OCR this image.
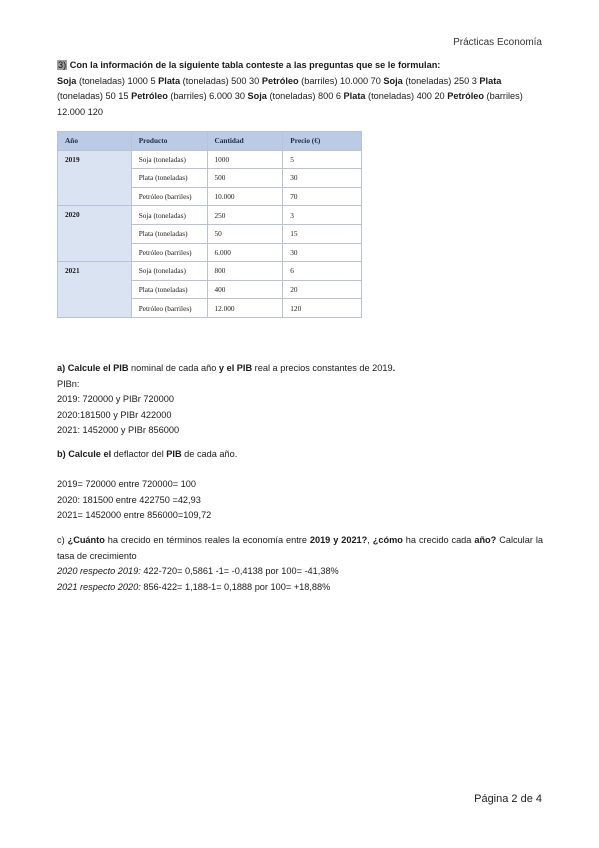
Prácticas Economía
3) Con la información de la siguiente tabla conteste a las preguntas que se le formulan:
Soja (toneladas) 1000 5 Plata (toneladas) 500 30 Petróleo (barriles) 10.000 70 Soja (toneladas) 250 3 Plata (toneladas) 50 15 Petróleo (barriles) 6.000 30 Soja (toneladas) 800 6 Plata (toneladas) 400 20 Petróleo (barriles) 12.000 120
Año	Producto	Cantidad	Precio (€)
2019	Soja (toneladas)	1000	5
	Plata (toneladas)	500	30
	Petróleo (barriles)	10.000	70
2020	Soja (toneladas)	250	3
	Plata (toneladas)	50	15
	Petróleo (barriles)	6.000	30
2021	Soja (toneladas)	800	6
	Plata (toneladas)	400	20
	Petróleo (barriles)	12.000	120

a) Calcule el PIB nominal de cada año y el PIB real a precios constantes de 2019.

PIBn:

2019: 720000 y PIBr 720000

2020:181500 y PIBr 422000

2021: 1452000 y PIBr 856000

b) Calcule el deflactor del PIB de cada año.

2019= 720000 entre 720000= 100

2020: 181500 entre 422750 =42,93

2021= 1452000 entre 856000=109,72

c) ¿Cuánto ha crecido en términos reales la economía entre 2019 y 2021?, ¿cómo ha crecido cada año? Calcular la tasa de crecimiento

2020 respecto 2019: 422-720= 0,5861 -1= -0,4138 por 100= -41,38%

2021 respecto 2020: 856-422= 1,188-1= 0,1888 por 100= +18,88%

Página 2 de 4
